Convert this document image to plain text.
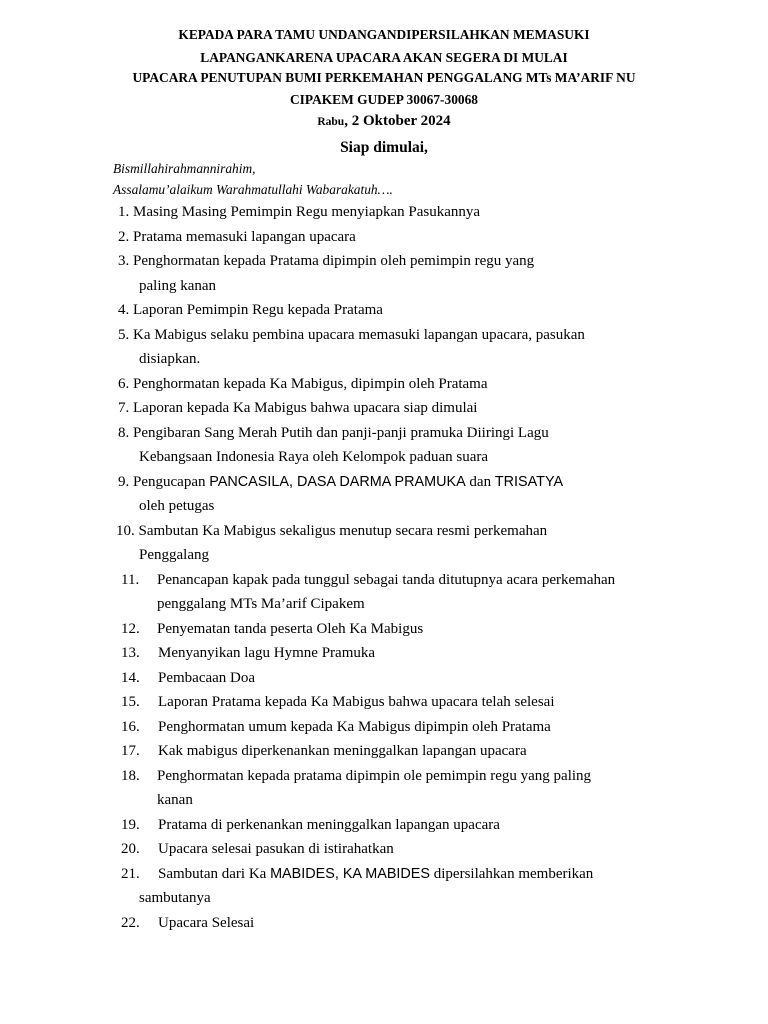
KEPADA PARA TAMU UNDANGANDIPERSILAHKAN MEMASUKI
LAPANGANKARENA UPACARA AKAN SEGERA DI MULAI
UPACARA PENUTUPAN BUMI PERKEMAHAN PENGGALANG MTs MA’ARIF NU
CIPAKEM GUDEP 30067-30068
Rabu, 2 Oktober 2024
Siap dimulai,
Bismillahirahmannirahim,
Assalamu’alaikum Warahmatullahi Wabarakatuh….
1. Masing Masing Pemimpin Regu menyiapkan Pasukannya
2. Pratama memasuki lapangan upacara
3. Penghormatan kepada Pratama dipimpin oleh pemimpin regu yang
paling kanan
4. Laporan Pemimpin Regu kepada Pratama
5. Ka Mabigus selaku pembina upacara memasuki lapangan upacara, pasukan
disiapkan.
6. Penghormatan kepada Ka Mabigus, dipimpin oleh Pratama
7. Laporan kepada Ka Mabigus bahwa upacara siap dimulai
8. Pengibaran Sang Merah Putih dan panji-panji pramuka Diiringi Lagu
Kebangsaan Indonesia Raya oleh Kelompok paduan suara
9. Pengucapan PANCASILA, DASA DARMA PRAMUKA dan TRISATYA
oleh petugas
10. Sambutan Ka Mabigus sekaligus menutup secara resmi perkemahan
Penggalang
11. Penancapan kapak pada tunggul sebagai tanda ditutupnya acara perkemahan
penggalang MTs Ma’arif Cipakem
12. Penyematan tanda peserta Oleh Ka Mabigus
13. Menyanyikan lagu Hymne Pramuka
14. Pembacaan Doa
15. Laporan Pratama kepada Ka Mabigus bahwa upacara telah selesai
16. Penghormatan umum kepada Ka Mabigus dipimpin oleh Pratama
17. Kak mabigus diperkenankan meninggalkan lapangan upacara
18. Penghormatan kepada pratama dipimpin ole pemimpin regu yang paling
kanan
19. Pratama di perkenankan meninggalkan lapangan upacara
20. Upacara selesai pasukan di istirahatkan
21. Sambutan dari Ka MABIDES, KA MABIDES dipersilahkan memberikan
sambutanya
22. Upacara Selesai
